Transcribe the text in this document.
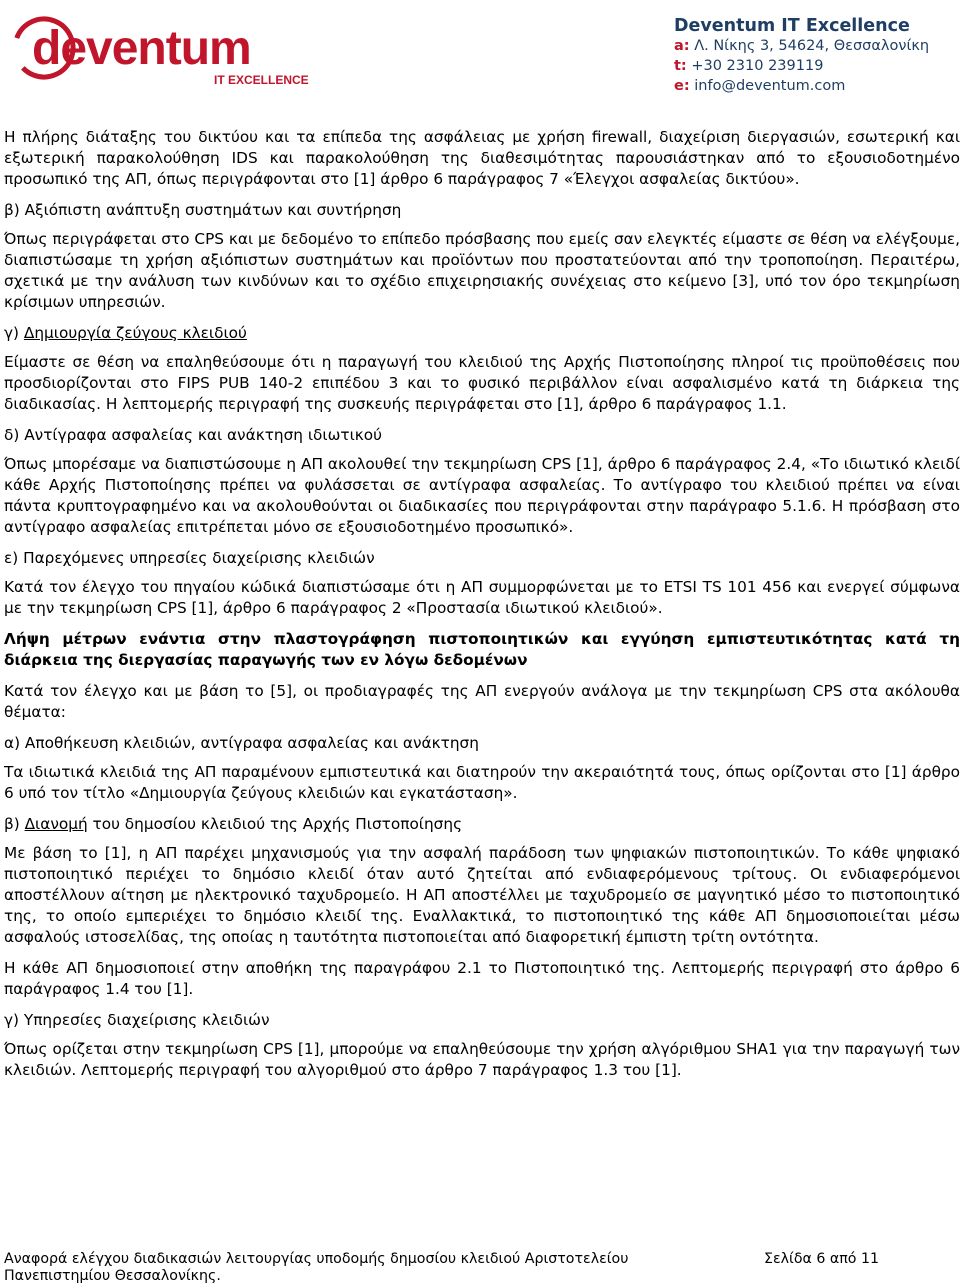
deventum
IT EXCELLENCE
Deventum IT Excellence
a: Λ. Νίκης 3, 54624, Θεσσαλονίκη
t: +30 2310 239119
e: info@deventum.com

Η πλήρης διάταξης του δικτύου και τα επίπεδα της ασφάλειας με χρήση firewall, διαχείριση διεργασιών, εσωτερική και εξωτερική παρακολούθηση IDS και παρακολούθηση της διαθεσιμότητας παρουσιάστηκαν από το εξουσιοδοτημένο προσωπικό της ΑΠ, όπως περιγράφονται στο [1] άρθρο 6 παράγραφος 7 «Έλεγχοι ασφαλείας δικτύου».

β) Αξιόπιστη ανάπτυξη συστημάτων και συντήρηση

Όπως περιγράφεται στο CPS και με δεδομένο το επίπεδο πρόσβασης που εμείς σαν ελεγκτές είμαστε σε θέση να ελέγξουμε, διαπιστώσαμε τη χρήση αξιόπιστων συστημάτων και προϊόντων που προστατεύονται από την τροποποίηση. Περαιτέρω, σχετικά με την ανάλυση των κινδύνων και το σχέδιο επιχειρησιακής συνέχειας στο κείμενο [3], υπό τον όρο τεκμηρίωση κρίσιμων υπηρεσιών.

γ) Δημιουργία ζεύγους κλειδιού

Είμαστε σε θέση να επαληθεύσουμε ότι η παραγωγή του κλειδιού της Αρχής Πιστοποίησης πληροί τις προϋποθέσεις που προσδιορίζονται στο FIPS PUB 140-2 επιπέδου 3 και το φυσικό περιβάλλον είναι ασφαλισμένο κατά τη διάρκεια της διαδικασίας. Η λεπτομερής περιγραφή της συσκευής περιγράφεται στο [1], άρθρο 6 παράγραφος 1.1.

δ) Αντίγραφα ασφαλείας και ανάκτηση ιδιωτικού

Όπως μπορέσαμε να διαπιστώσουμε η ΑΠ ακολουθεί την τεκμηρίωση CPS [1], άρθρο 6 παράγραφος 2.4, «Το ιδιωτικό κλειδί κάθε Αρχής Πιστοποίησης πρέπει να φυλάσσεται σε αντίγραφα ασφαλείας. Το αντίγραφο του κλειδιού πρέπει να είναι πάντα κρυπτογραφημένο και να ακολουθούνται οι διαδικασίες που περιγράφονται στην παράγραφο 5.1.6. Η πρόσβαση στο αντίγραφο ασφαλείας επιτρέπεται μόνο σε εξουσιοδοτημένο προσωπικό».

ε) Παρεχόμενες υπηρεσίες διαχείρισης κλειδιών

Κατά τον έλεγχο του πηγαίου κώδικά διαπιστώσαμε ότι η ΑΠ συμμορφώνεται με το ETSI TS 101 456 και ενεργεί σύμφωνα με την τεκμηρίωση CPS [1], άρθρο 6 παράγραφος 2 «Προστασία ιδιωτικού κλειδιού».

Λήψη μέτρων ενάντια στην πλαστογράφηση πιστοποιητικών και εγγύηση εμπιστευτικότητας κατά τη διάρκεια της διεργασίας παραγωγής των εν λόγω δεδομένων

Κατά τον έλεγχο και με βάση το [5], οι προδιαγραφές της ΑΠ ενεργούν ανάλογα με την τεκμηρίωση CPS στα ακόλουθα θέματα:

α) Αποθήκευση κλειδιών, αντίγραφα ασφαλείας και ανάκτηση

Τα ιδιωτικά κλειδιά της ΑΠ παραμένουν εμπιστευτικά και διατηρούν την ακεραιότητά τους, όπως ορίζονται στο [1] άρθρο 6 υπό τον τίτλο «Δημιουργία ζεύγους κλειδιών και εγκατάσταση».

β) Διανομή του δημοσίου κλειδιού της Αρχής Πιστοποίησης

Με βάση το [1], η ΑΠ παρέχει μηχανισμούς για την ασφαλή παράδοση των ψηφιακών πιστοποιητικών. Το κάθε ψηφιακό πιστοποιητικό περιέχει το δημόσιο κλειδί όταν αυτό ζητείται από ενδιαφερόμενους τρίτους. Οι ενδιαφερόμενοι αποστέλλουν αίτηση με ηλεκτρονικό ταχυδρομείο. Η ΑΠ αποστέλλει με ταχυδρομείο σε μαγνητικό μέσο το πιστοποιητικό της, το οποίο εμπεριέχει το δημόσιο κλειδί της. Εναλλακτικά, το πιστοποιητικό της κάθε ΑΠ δημοσιοποιείται μέσω ασφαλούς ιστοσελίδας, της οποίας η ταυτότητα πιστοποιείται από διαφορετική έμπιστη τρίτη οντότητα.

Η κάθε ΑΠ δημοσιοποιεί στην αποθήκη της παραγράφου 2.1 το Πιστοποιητικό της. Λεπτομερής περιγραφή στο άρθρο 6 παράγραφος 1.4 του [1].

γ) Υπηρεσίες διαχείρισης κλειδιών

Όπως ορίζεται στην τεκμηρίωση CPS [1], μπορούμε να επαληθεύσουμε την χρήση αλγόριθμου SHA1 για την παραγωγή των κλειδιών. Λεπτομερής περιγραφή του αλγοριθμού στο άρθρο 7 παράγραφος 1.3 του [1].

Αναφορά ελέγχου διαδικασιών λειτουργίας υποδομής δημοσίου κλειδιού Αριστοτελείου
Πανεπιστημίου Θεσσαλονίκης.
Σελίδα 6 από 11
